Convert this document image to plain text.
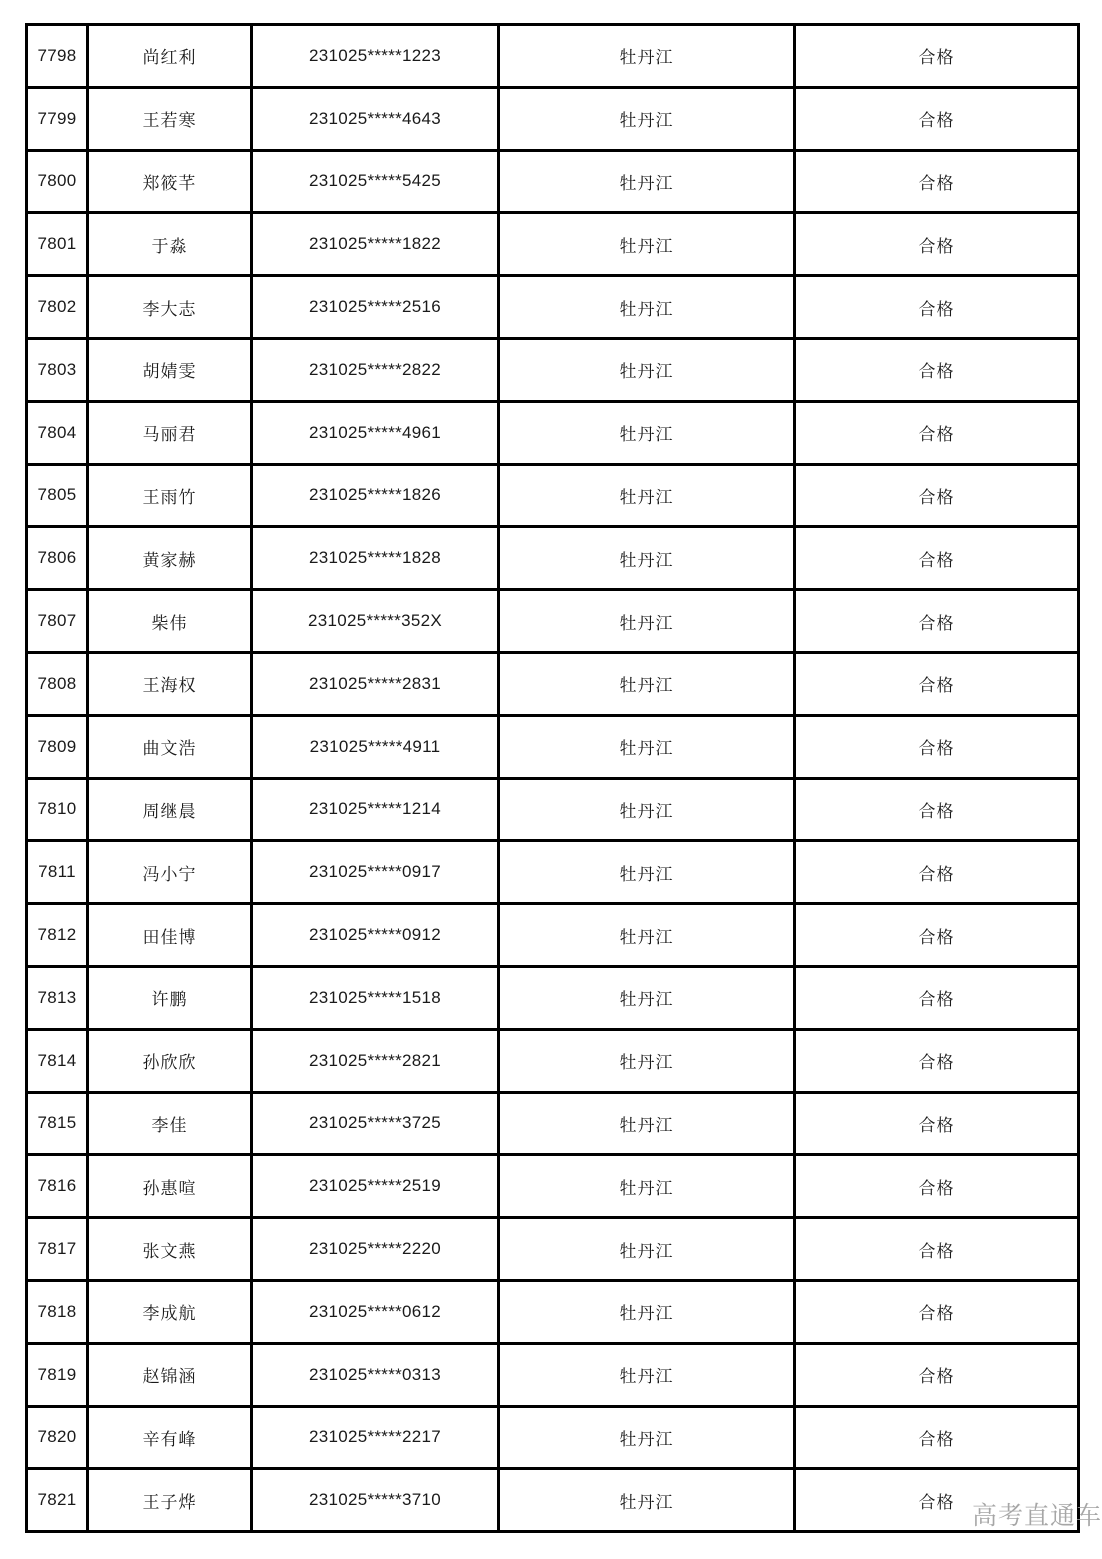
7798	尚红利	231025*****1223	牡丹江	合格
7799	王若寒	231025*****4643	牡丹江	合格
7800	郑筱芊	231025*****5425	牡丹江	合格
7801	于淼	231025*****1822	牡丹江	合格
7802	李大志	231025*****2516	牡丹江	合格
7803	胡婧雯	231025*****2822	牡丹江	合格
7804	马丽君	231025*****4961	牡丹江	合格
7805	王雨竹	231025*****1826	牡丹江	合格
7806	黄家赫	231025*****1828	牡丹江	合格
7807	柴伟	231025*****352X	牡丹江	合格
7808	王海权	231025*****2831	牡丹江	合格
7809	曲文浩	231025*****4911	牡丹江	合格
7810	周继晨	231025*****1214	牡丹江	合格
7811	冯小宁	231025*****0917	牡丹江	合格
7812	田佳博	231025*****0912	牡丹江	合格
7813	许鹏	231025*****1518	牡丹江	合格
7814	孙欣欣	231025*****2821	牡丹江	合格
7815	李佳	231025*****3725	牡丹江	合格
7816	孙惠喧	231025*****2519	牡丹江	合格
7817	张文燕	231025*****2220	牡丹江	合格
7818	李成航	231025*****0612	牡丹江	合格
7819	赵锦涵	231025*****0313	牡丹江	合格
7820	辛有峰	231025*****2217	牡丹江	合格
7821	王子烨	231025*****3710	牡丹江	合格
高考直通车
